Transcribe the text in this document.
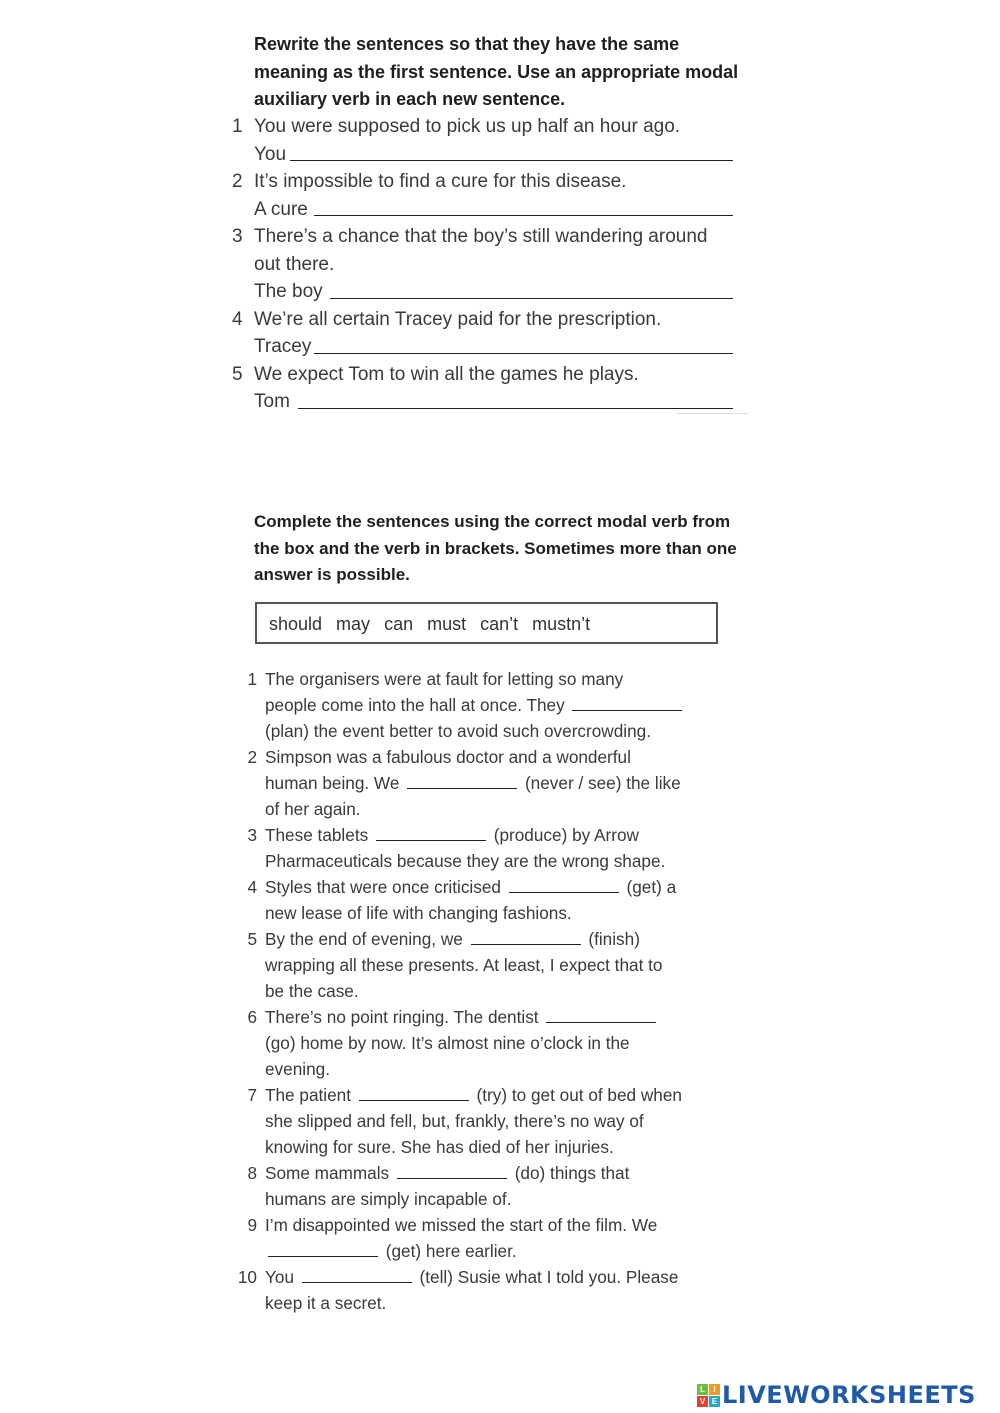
Rewrite the sentences so that they have the same meaning as the first sentence. Use an appropriate modal auxiliary verb in each new sentence.
1 You were supposed to pick us up half an hour ago.
You
2 It’s impossible to find a cure for this disease.
A cure
3 There’s a chance that the boy’s still wandering around
out there.
The boy
4 We’re all certain Tracey paid for the prescription.
Tracey
5 We expect Tom to win all the games he plays.
Tom
Complete the sentences using the correct modal verb from the box and the verb in brackets. Sometimes more than one answer is possible.
should may can must can’t mustn’t
1 The organisers were at fault for letting so many
people come into the hall at once. They
(plan) the event better to avoid such overcrowding.
2 Simpson was a fabulous doctor and a wonderful
human being. We	(never / see) the like
of her again.
3 These tablets	(produce) by Arrow
Pharmaceuticals because they are the wrong shape.
4 Styles that were once criticised	(get) a
new lease of life with changing fashions.
5 By the end of evening, we	(finish)
wrapping all these presents. At least, I expect that to
be the case.
6 There’s no point ringing. The dentist
(go) home by now. It’s almost nine o’clock in the
evening.
7 The patient	(try) to get out of bed when
she slipped and fell, but, frankly, there’s no way of
knowing for sure. She has died of her injuries.
8 Some mammals	(do) things that
humans are simply incapable of.
9 I’m disappointed we missed the start of the film. We
(get) here earlier.
10 You	(tell) Susie what I told you. Please
keep it a secret.
L	I
V E LIVEWORKSHEETS
